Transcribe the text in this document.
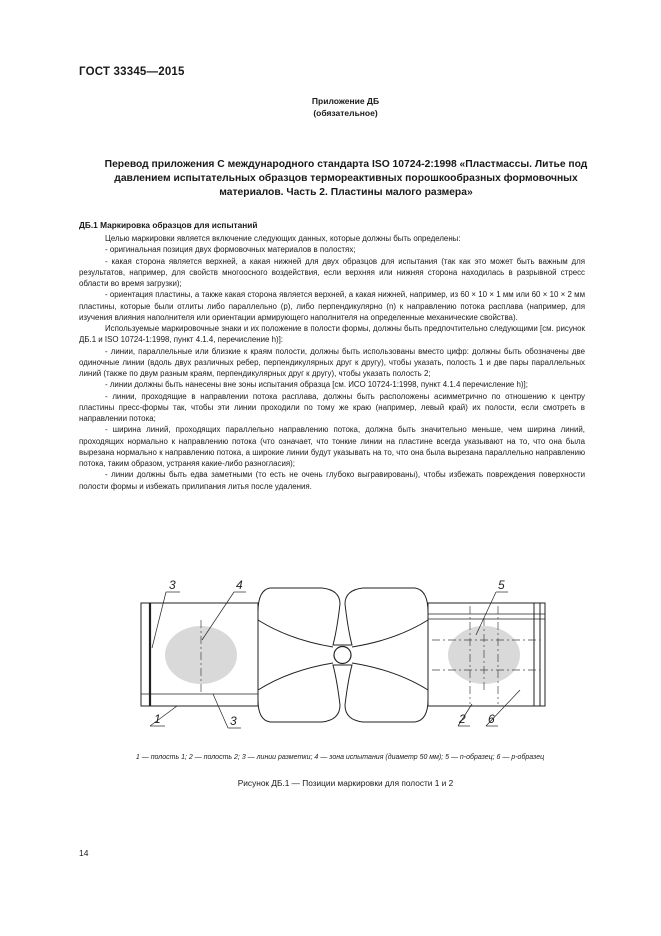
ГОСТ 33345—2015
Приложение ДБ
(обязательное)
Перевод приложения С международного стандарта ISO 10724-2:1998 «Пластмассы. Литье под давлением испытательных образцов термореактивных порошкообразных формовочных материалов. Часть 2. Пластины малого размера»
ДБ.1 Маркировка образцов для испытаний

Целью маркировки является включение следующих данных, которые должны быть определены:

- оригинальная позиция двух формовочных материалов в полостях;

- какая сторона является верхней, а какая нижней для двух образцов для испытания (так как это может быть важным для результатов, например, для свойств многоосного воздействия, если верхняя или нижняя сторона находилась в разрывной стресс области во время загрузки);

- ориентация пластины, а также какая сторона является верхней, а какая нижней, например, из 60 × 10 × 1 мм или 60 × 10 × 2 мм пластины, которые были отлиты либо параллельно (р), либо перпендикулярно (n) к направлению потока расплава (например, для изучения влияния наполнителя или ориентации армирующего наполнителя на определенные механические свойства).

Используемые маркировочные знаки и их положение в полости формы, должны быть предпочтительно следующими [см. рисунок ДБ.1 и ISO 10724-1:1998, пункт 4.1.4, перечисление h)]:

- линии, параллельные или близкие к краям полости, должны быть использованы вместо цифр: должны быть обозначены две одиночные линии (вдоль двух различных ребер, перпендикулярных друг к другу), чтобы указать, полость 1 и две пары параллельных линий (также по двум разным краям, перпендикулярных друг к другу), чтобы указать полость 2;

- линии должны быть нанесены вне зоны испытания образца [см. ИСО 10724-1:1998, пункт 4.1.4 перечисление h)];

- линии, проходящие в направлении потока расплава, должны быть расположены асимметрично по отношению к центру пластины пресс-формы так, чтобы эти линии проходили по тому же краю (например, левый край) их полости, если смотреть в направлении потока;

- ширина линий, проходящих параллельно направлению потока, должна быть значительно меньше, чем ширина линий, проходящих нормально к направлению потока (что означает, что тонкие линии на пластине всегда указывают на то, что она была вырезана нормально к направлению потока, а широкие линии будут указывать на то, что она была вырезана параллельно направлению потока, таким образом, устраняя какие-либо разногласия);

- линии должны быть едва заметными (то есть не очень глубоко выгравированы), чтобы избежать повреждения поверхности полости формы и избежать прилипания литья после удаления.

3	4	5
1	3	2 6
1 — полость 1; 2 — полость 2; 3 — линии разметки; 4 — зона испытания (диаметр 50 мм); 5 — n-образец; 6 — p-образец
Рисунок ДБ.1 — Позиции маркировки для полости 1 и 2
14
